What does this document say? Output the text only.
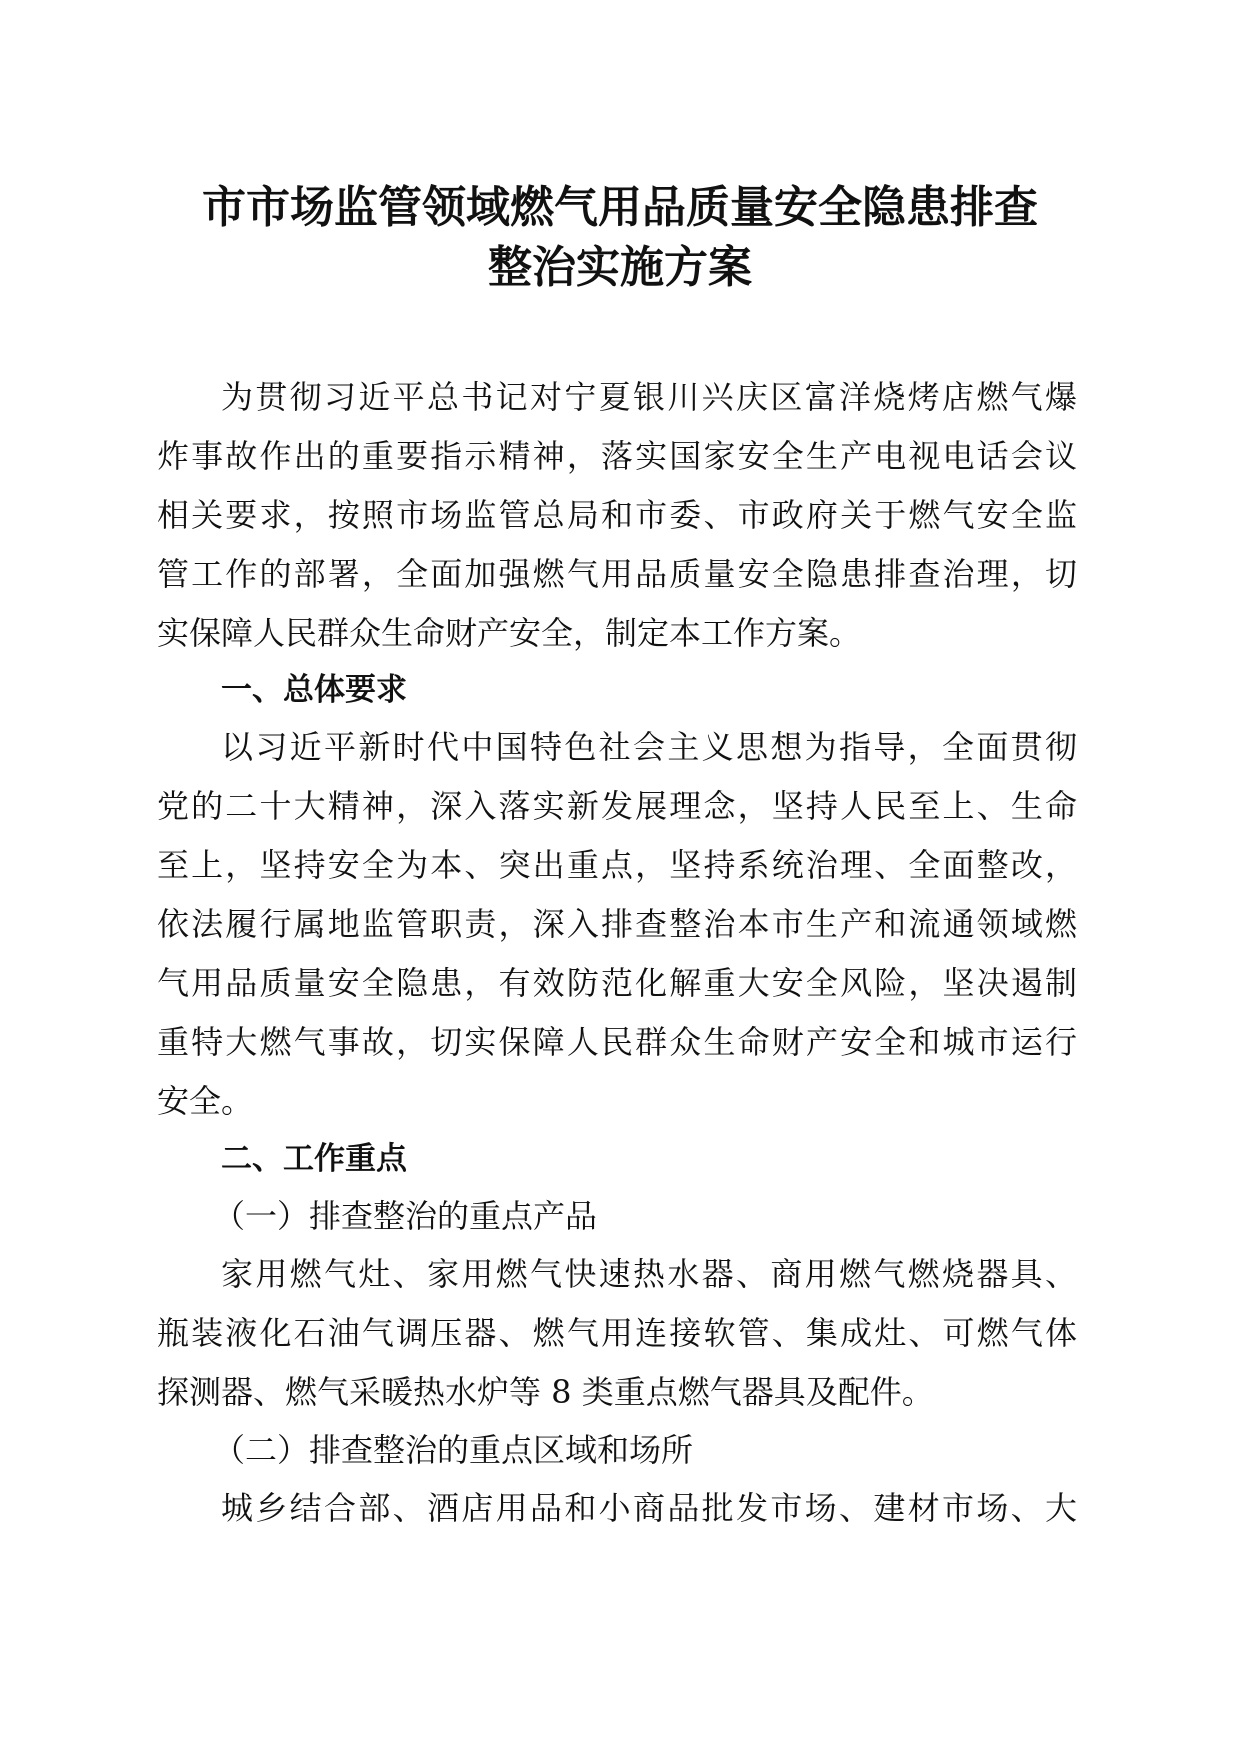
市市场监管领域燃气用品质量安全隐患排查
整治实施方案

为贯彻习近平总书记对宁夏银川兴庆区富洋烧烤店燃气爆

炸事故作出的重要指示精神，落实国家安全生产电视电话会议

相关要求，按照市场监管总局和市委、市政府关于燃气安全监

管工作的部署，全面加强燃气用品质量安全隐患排查治理，切

实保障人民群众生命财产安全，制定本工作方案。

一、总体要求

以习近平新时代中国特色社会主义思想为指导，全面贯彻

党的二十大精神，深入落实新发展理念，坚持人民至上、生命

至上，坚持安全为本、突出重点，坚持系统治理、全面整改，

依法履行属地监管职责，深入排查整治本市生产和流通领域燃

气用品质量安全隐患，有效防范化解重大安全风险，坚决遏制

重特大燃气事故，切实保障人民群众生命财产安全和城市运行

安全。

二、工作重点

（一）排查整治的重点产品

家用燃气灶、家用燃气快速热水器、商用燃气燃烧器具、

瓶装液化石油气调压器、燃气用连接软管、集成灶、可燃气体

探测器、燃气采暖热水炉等 8 类重点燃气器具及配件。

（二）排查整治的重点区域和场所

城乡结合部、酒店用品和小商品批发市场、建材市场、大
